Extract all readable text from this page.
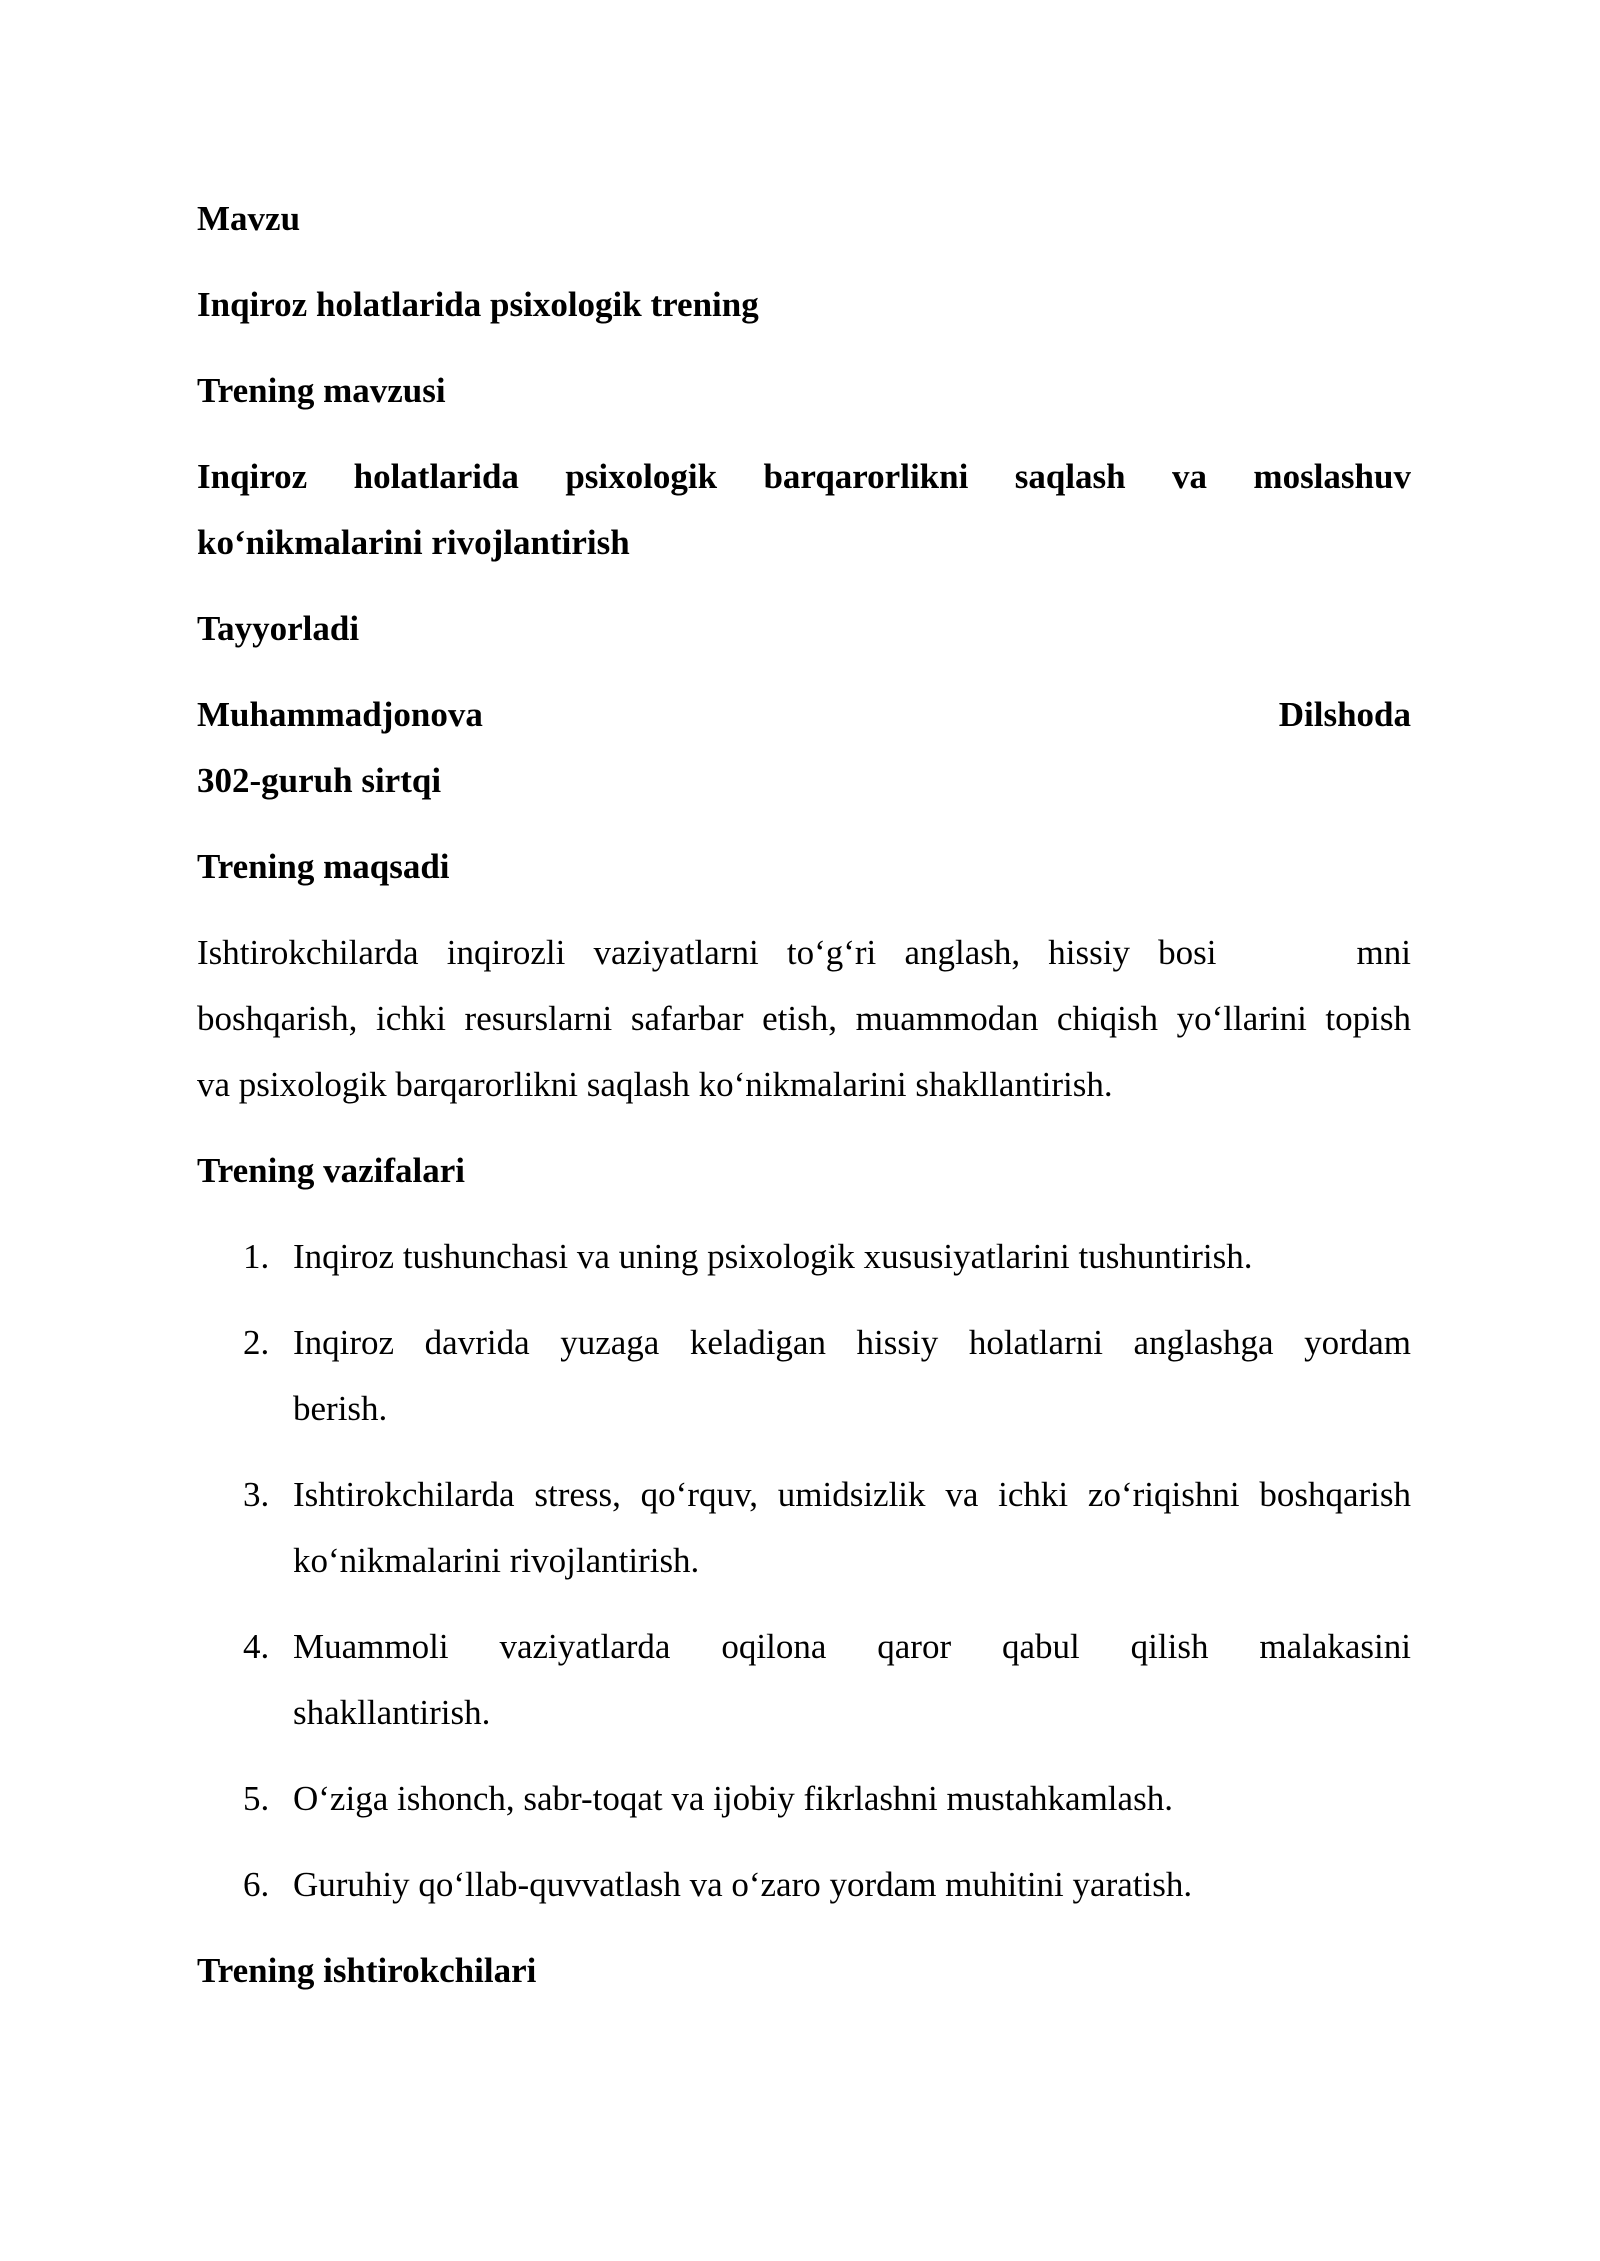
Mavzu

Inqiroz holatlarida psixologik trening

Trening mavzusi

Inqiroz holatlarida psixologik barqarorlikni saqlash va moslashuv

ko‘nikmalarini rivojlantirish

Tayyorladi

Muhammadjonova	Dilshoda

302-guruh sirtqi

Trening maqsadi

Ishtirokchilarda inqirozli vaziyatlarni to‘g‘ri anglash, hissiy bosi	mni

boshqarish, ichki resurslarni safarbar etish, muammodan chiqish yo‘llarini topish

va psixologik barqarorlikni saqlash ko‘nikmalarini shakllantirish.

Trening vazifalari

1. Inqiroz tushunchasi va uning psixologik xususiyatlarini tushuntirish.
2. Inqiroz davrida yuzaga keladigan hissiy holatlarni anglashga yordam
berish.
3. Ishtirokchilarda stress, qo‘rquv, umidsizlik va ichki zo‘riqishni boshqarish
ko‘nikmalarini rivojlantirish.
4. Muammoli vaziyatlarda oqilona qaror qabul qilish malakasini
shakllantirish.
5. O‘ziga ishonch, sabr-toqat va ijobiy fikrlashni mustahkamlash.
6. Guruhiy qo‘llab-quvvatlash va o‘zaro yordam muhitini yaratish.

Trening ishtirokchilari
